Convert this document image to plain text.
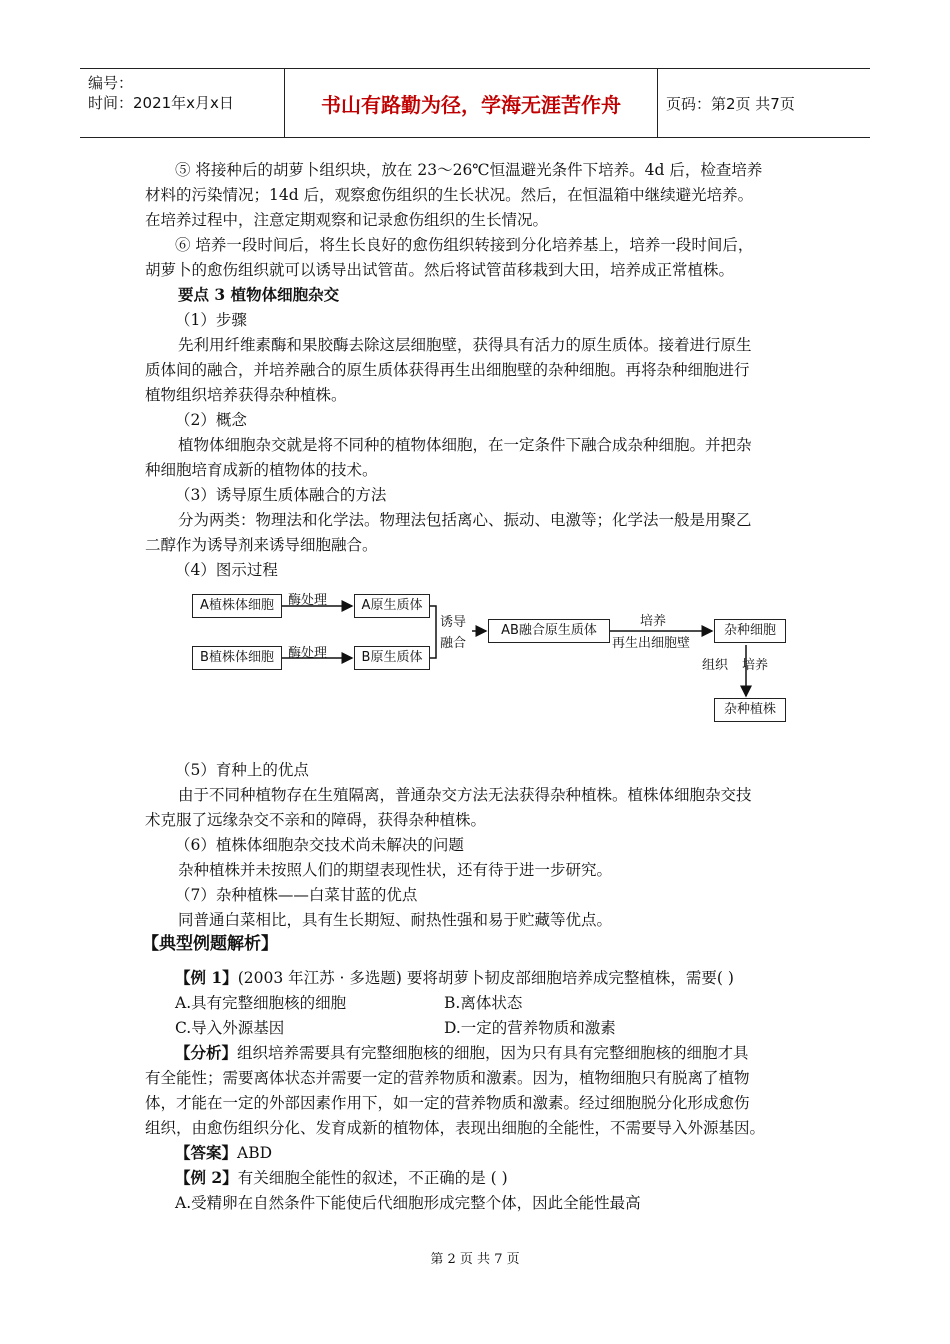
编号：
时间：2021年x月x日	书山有路勤为径，学海无涯苦作舟	页码：第2页 共7页
⑤ 将接种后的胡萝卜组织块，放在 23～26℃恒温避光条件下培养。4d 后，检查培养
材料的污染情况；14d 后，观察愈伤组织的生长状况。然后，在恒温箱中继续避光培养。
在培养过程中，注意定期观察和记录愈伤组织的生长情况。
⑥ 培养一段时间后，将生长良好的愈伤组织转接到分化培养基上，培养一段时间后，
胡萝卜的愈伤组织就可以诱导出试管苗。然后将试管苗移栽到大田，培养成正常植株。
要点 3 植物体细胞杂交
（1）步骤
先利用纤维素酶和果胶酶去除这层细胞壁，获得具有活力的原生质体。接着进行原生
质体间的融合，并培养融合的原生质体获得再生出细胞壁的杂种细胞。再将杂种细胞进行
植物组织培养获得杂种植株。
（2）概念
植物体细胞杂交就是将不同种的植物体细胞，在一定条件下融合成杂种细胞。并把杂
种细胞培育成新的植物体的技术。
（3）诱导原生质体融合的方法
分为两类：物理法和化学法。物理法包括离心、振动、电激等；化学法一般是用聚乙
二醇作为诱导剂来诱导细胞融合。
（4）图示过程
A植株体细胞
B植株体细胞
A原生质体
B原生质体
AB融合原生质体	杂种细胞
杂种植株
酶处理
酶处理
诱导
融合
培养
再生出细胞壁
组织 培养
（5）育种上的优点
由于不同种植物存在生殖隔离，普通杂交方法无法获得杂种植株。植株体细胞杂交技
术克服了远缘杂交不亲和的障碍，获得杂种植株。
（6）植株体细胞杂交技术尚未解决的问题
杂种植株并未按照人们的期望表现性状，还有待于进一步研究。
（7）杂种植株——白菜甘蓝的优点
同普通白菜相比，具有生长期短、耐热性强和易于贮藏等优点。
【典型例题解析】
【例 1】(2003 年江苏 · 多选题) 要将胡萝卜韧皮部细胞培养成完整植株，需要( )
A.具有完整细胞核的细胞	B.离体状态
C.导入外源基因	D.一定的营养物质和激素
【分析】组织培养需要具有完整细胞核的细胞，因为只有具有完整细胞核的细胞才具
有全能性；需要离体状态并需要一定的营养物质和激素。因为，植物细胞只有脱离了植物
体，才能在一定的外部因素作用下，如一定的营养物质和激素。经过细胞脱分化形成愈伤
组织，由愈伤组织分化、发育成新的植物体，表现出细胞的全能性，不需要导入外源基因。
【答案】ABD
【例 2】有关细胞全能性的叙述，不正确的是 ( )
A.受精卵在自然条件下能使后代细胞形成完整个体，因此全能性最高
第 2 页 共 7 页
